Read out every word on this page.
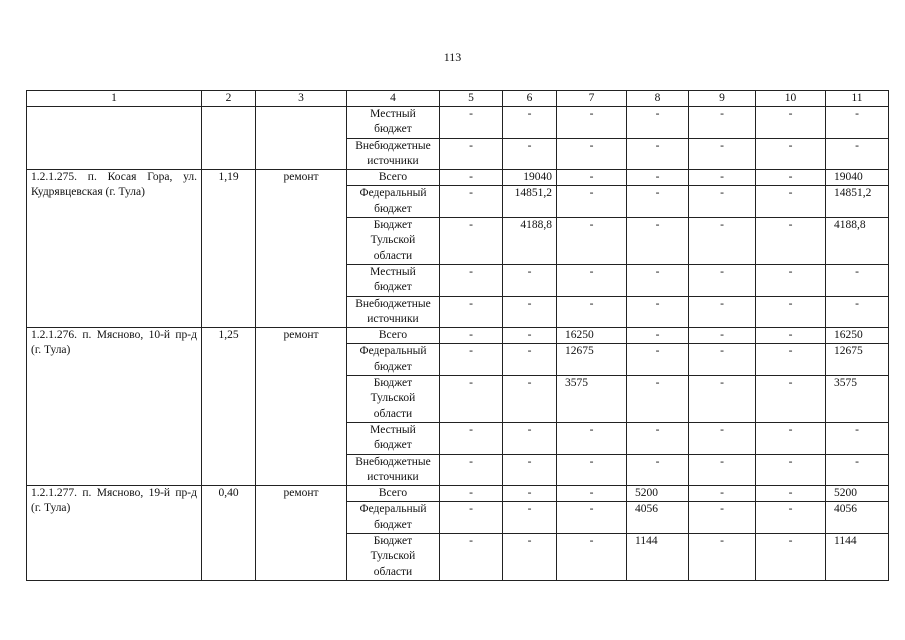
113
1	2	3	4	5	6	7	8	9	10	11
			Местный бюджет	-	-	-	-	-	-	-
			Внебюджетные источники	-	-	-	-	-	-	-
1.2.1.275. п. Косая Гора, ул. Кудрявцевская (г. Тула)	1,19	ремонт	Всего	-	19040	-	-	-	-	19040
			Федеральный бюджет	-	14851,2	-	-	-	-	14851,2
			Бюджет Тульской области	-	4188,8	-	-	-	-	4188,8
			Местный бюджет	-	-	-	-	-	-	-
			Внебюджетные источники	-	-	-	-	-	-	-
1.2.1.276. п. Мясново, 10-й пр-д (г. Тула)	1,25	ремонт	Всего	-	-	16250	-	-	-	16250
			Федеральный бюджет	-	-	12675	-	-	-	12675
			Бюджет Тульской области	-	-	3575	-	-	-	3575
			Местный бюджет	-	-	-	-	-	-	-
			Внебюджетные источники	-	-	-	-	-	-	-
1.2.1.277. п. Мясново, 19-й пр-д (г. Тула)	0,40	ремонт	Всего	-	-	-	5200	-	-	5200
			Федеральный бюджет	-	-	-	4056	-	-	4056
			Бюджет Тульской области	-	-	-	1144	-	-	1144
